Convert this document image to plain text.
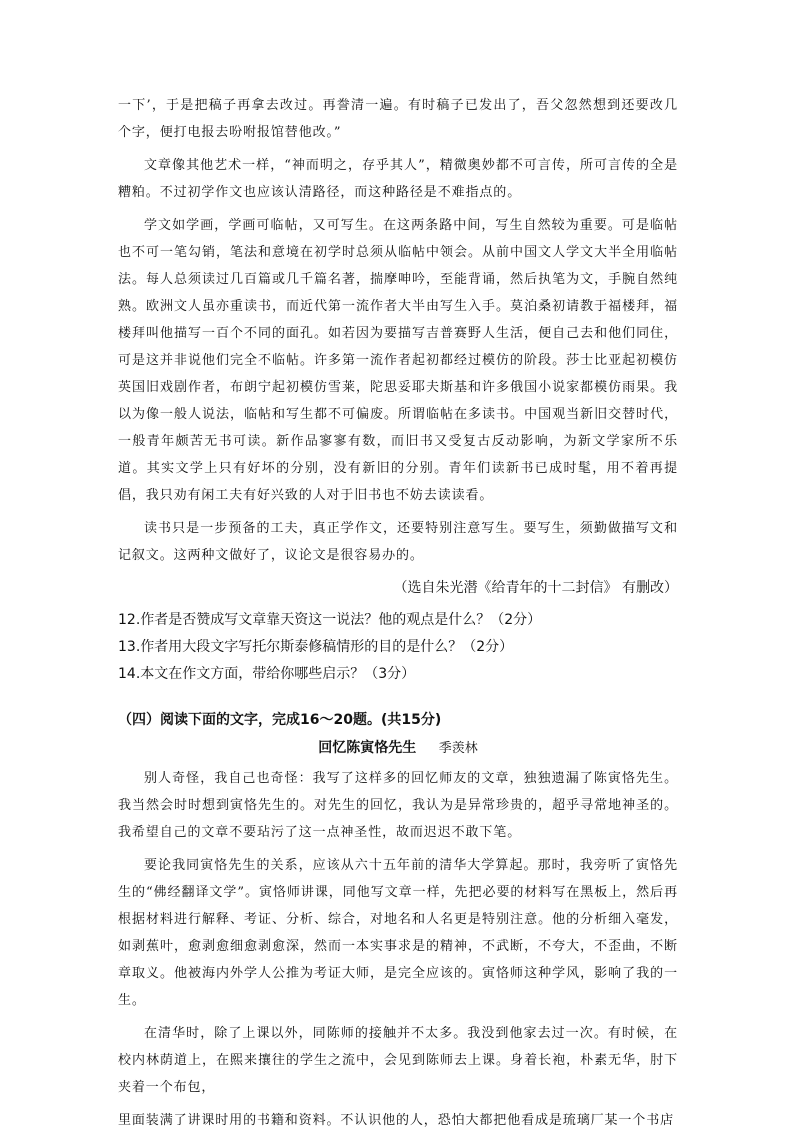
一下’，于是把稿子再拿去改过。再誊清一遍。有时稿子已发出了，吾父忽然想到还要改几个字，便打电报去吩咐报馆替他改。”

文章像其他艺术一样，“神而明之，存乎其人”，精微奥妙都不可言传，所可言传的全是糟粕。不过初学作文也应该认清路径，而这种路径是不难指点的。

学文如学画，学画可临帖，又可写生。在这两条路中间，写生自然较为重要。可是临帖也不可一笔勾销，笔法和意境在初学时总须从临帖中领会。从前中国文人学文大半全用临帖法。每人总须读过几百篇或几千篇名著，揣摩呻吟，至能背诵，然后执笔为文，手腕自然纯熟。欧洲文人虽亦重读书，而近代第一流作者大半由写生入手。莫泊桑初请教于福楼拜，福楼拜叫他描写一百个不同的面孔。如若因为要描写吉普赛野人生活，便自己去和他们同住，可是这并非说他们完全不临帖。许多第一流作者起初都经过模仿的阶段。莎士比亚起初模仿英国旧戏剧作者，布朗宁起初模仿雪莱，陀思妥耶夫斯基和许多俄国小说家都模仿雨果。我以为像一般人说法，临帖和写生都不可偏废。所谓临帖在多读书。中国观当新旧交替时代，一般青年颇苦无书可读。新作品寥寥有数，而旧书又受复古反动影响，为新文学家所不乐道。其实文学上只有好坏的分别，没有新旧的分别。青年们读新书已成时髦，用不着再提倡，我只劝有闲工夫有好兴致的人对于旧书也不妨去读读看。

读书只是一步预备的工夫，真正学作文，还要特别注意写生。要写生，须勤做描写文和记叙文。这两种文做好了，议论文是很容易办的。

（选自朱光潜《给青年的十二封信》 有删改）

12.作者是否赞成写文章靠天资这一说法？他的观点是什么？（2分）

13.作者用大段文字写托尔斯泰修稿情形的目的是什么？（2分）

14.本文在作文方面，带给你哪些启示？（3分）

（四）阅读下面的文字，完成16～20题。(共15分)

回忆陈寅恪先生 季羡林

别人奇怪，我自己也奇怪：我写了这样多的回忆师友的文章，独独遗漏了陈寅恪先生。我当然会时时想到寅恪先生的。对先生的回忆，我认为是异常珍贵的，超乎寻常地神圣的。我希望自己的文章不要玷污了这一点神圣性，故而迟迟不敢下笔。

要论我同寅恪先生的关系，应该从六十五年前的清华大学算起。那时，我旁听了寅恪先生的“佛经翻译文学”。寅恪师讲课，同他写文章一样，先把必要的材料写在黑板上，然后再根据材料进行解释、考证、分析、综合，对地名和人名更是特别注意。他的分析细入毫发，如剥蕉叶，愈剥愈细愈剥愈深，然而一本实事求是的精神，不武断，不夸大，不歪曲，不断章取义。他被海内外学人公推为考证大师，是完全应该的。寅恪师这种学风，影响了我的一生。

在清华时，除了上课以外，同陈师的接触并不太多。我没到他家去过一次。有时候，在校内林荫道上，在熙来攘往的学生之流中，会见到陈师去上课。身着长袍，朴素无华，肘下夹着一个布包，

里面装满了讲课时用的书籍和资料。不认识他的人，恐怕大都把他看成是琉璃厂某一个书店
